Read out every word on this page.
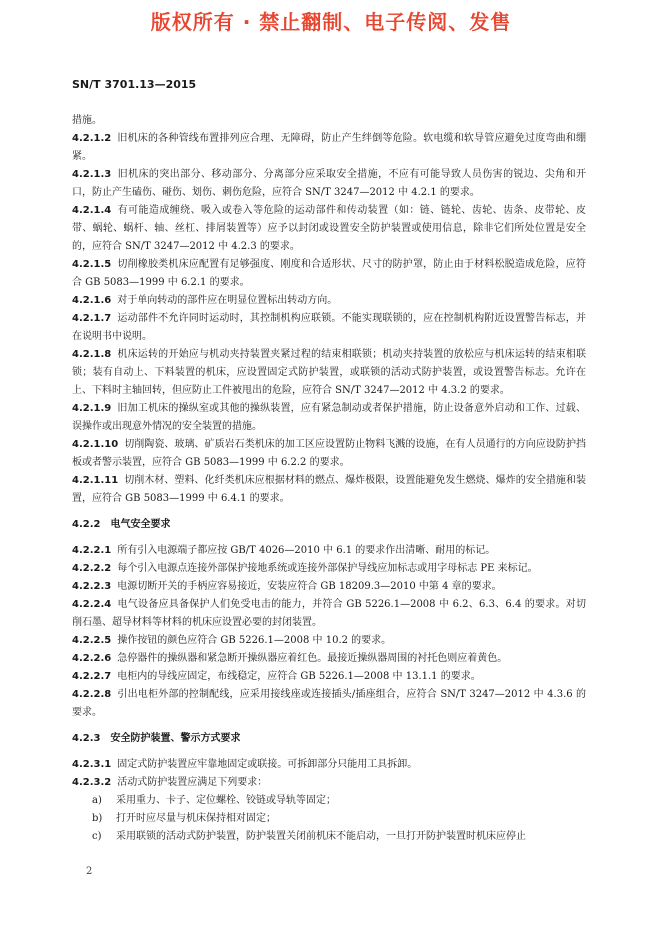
版权所有 · 禁止翻制、电子传阅、发售
SN/T 3701.13—2015

措施。

4.2.1.2 旧机床的各种管线布置排列应合理、无障碍，防止产生绊倒等危险。软电缆和软导管应避免过度弯曲和绷紧。

4.2.1.3 旧机床的突出部分、移动部分、分离部分应采取安全措施，不应有可能导致人员伤害的锐边、尖角和开口，防止产生磕伤、碰伤、划伤、刺伤危险，应符合 SN/T 3247—2012 中 4.2.1 的要求。

4.2.1.4 有可能造成缠绕、吸入或卷入等危险的运动部件和传动装置（如：链、链轮、齿轮、齿条、皮带轮、皮带、蜗轮、蜗杆、轴、丝杠、排屑装置等）应予以封闭或设置安全防护装置或使用信息，除非它们所处位置是安全的，应符合 SN/T 3247—2012 中 4.2.3 的要求。

4.2.1.5 切削橡胶类机床应配置有足够强度、刚度和合适形状、尺寸的防护罩，防止由于材料松脱造成危险，应符合 GB 5083—1999 中 6.2.1 的要求。

4.2.1.6 对于单向转动的部件应在明显位置标出转动方向。

4.2.1.7 运动部件不允许同时运动时，其控制机构应联锁。不能实现联锁的，应在控制机构附近设置警告标志，并在说明书中说明。

4.2.1.8 机床运转的开始应与机动夹持装置夹紧过程的结束相联锁；机动夹持装置的放松应与机床运转的结束相联锁；装有自动上、下料装置的机床，应设置固定式防护装置，或联锁的活动式防护装置，或设置警告标志。允许在上、下料时主轴回转，但应防止工件被甩出的危险，应符合 SN/T 3247—2012 中 4.3.2 的要求。

4.2.1.9 旧加工机床的操纵室或其他的操纵装置，应有紧急制动或者保护措施，防止设备意外启动和工作、过载、误操作或出现意外情况的安全装置的措施。

4.2.1.10 切削陶瓷、玻璃、矿质岩石类机床的加工区应设置防止物料飞溅的设施，在有人员通行的方向应设防护挡板或者警示装置，应符合 GB 5083—1999 中 6.2.2 的要求。

4.2.1.11 切削木材、塑料、化纤类机床应根据材料的燃点、爆炸极限，设置能避免发生燃烧、爆炸的安全措施和装置，应符合 GB 5083—1999 中 6.4.1 的要求。

4.2.2 电气安全要求

4.2.2.1 所有引入电源端子都应按 GB/T 4026—2010 中 6.1 的要求作出清晰、耐用的标记。

4.2.2.2 每个引入电源点连接外部保护接地系统或连接外部保护导线应加标志或用字母标志 PE 来标记。

4.2.2.3 电源切断开关的手柄应容易接近，安装应符合 GB 18209.3—2010 中第 4 章的要求。

4.2.2.4 电气设备应具备保护人们免受电击的能力，并符合 GB 5226.1—2008 中 6.2、6.3、6.4 的要求。对切削石墨、超导材料等材料的机床应设置必要的封闭装置。

4.2.2.5 操作按钮的颜色应符合 GB 5226.1—2008 中 10.2 的要求。

4.2.2.6 急停器件的操纵器和紧急断开操纵器应着红色。最接近操纵器周围的衬托色则应着黄色。

4.2.2.7 电柜内的导线应固定，布线稳定，应符合 GB 5226.1—2008 中 13.1.1 的要求。

4.2.2.8 引出电柜外部的控制配线，应采用接线座或连接插头/插座组合，应符合 SN/T 3247—2012 中 4.3.6 的要求。

4.2.3 安全防护装置、警示方式要求

4.2.3.1 固定式防护装置应牢靠地固定或联接。可拆卸部分只能用工具拆卸。

4.2.3.2 活动式防护装置应满足下列要求：

a) 采用重力、卡子、定位螺栓、铰链或导轨等固定；

b) 打开时应尽量与机床保持相对固定；

c) 采用联锁的活动式防护装置，防护装置关闭前机床不能启动，一旦打开防护装置时机床应停止

2
